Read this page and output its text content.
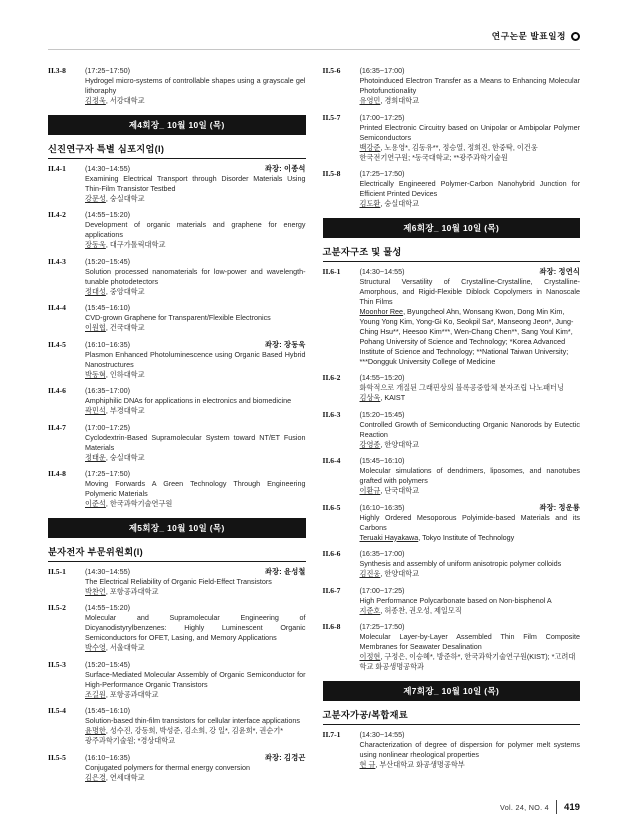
연구논문 발표일정
II.3-8	(17:25~17:50)
Hydrogel micro-systems of controllable shapes using a grayscale gel lithoraphy
김정욱, 서강대학교
제4회장_ 10월 10일 (목)
신진연구자 특별 심포지엄(I)
II.4-1	(14:30~14:55)	좌장: 이종석
Examining Electrical Transport through Disorder Materials Using Thin-Film Transistor Testbed
강문성, 숭실대학교
II.4-2	(14:55~15:20)
Development of organic materials and graphene for energy applications
장동욱, 대구가톨릭대학교
II.4-3	(15:20~15:45)
Solution processed nanomaterials for low-power and wavelength-tunable photodetectors
정대성, 중앙대학교
II.4-4	(15:45~16:10)
CVD-grown Graphene for Transparent/Flexible Electronics
이원협, 건국대학교
II.4-5	(16:10~16:35)	좌장: 장동욱
Plasmon Enhanced Photoluminescence using Organic Based Hybrid Nanostructures
박동혁, 인하대학교
II.4-6	(16:35~17:00)
Amphiphilic DNAs for applications in electronics and biomedicine
곽민석, 부경대학교
II.4-7	(17:00~17:25)
Cyclodextrin-Based Supramolecular System toward NT/ET Fusion Materials
정태운, 숭실대학교
II.4-8	(17:25~17:50)
Moving Forwards A Green Technology Through Engineering Polymeric Materials
이준석, 한국과학기술연구원
제5회장_ 10월 10일 (목)
분자전자 부문위원회(I)
II.5-1	(14:30~14:55)	좌장: 윤성철
The Electrical Reliability of Organic Field-Effect Transistors
박찬언, 포항공과대학교
II.5-2	(14:55~15:20)
Molecular and Supramolecular Engineering of Dicyanodistyrylbenzenes: Highly Luminescent Organic Semiconductors for OFET, Lasing, and Memory Applications
박수영, 서울대학교
II.5-3	(15:20~15:45)
Surface-Mediated Molecular Assembly of Organic Semiconductor for High-Performance Organic Transistors
조길원, 포항공과대학교
II.5-4	(15:45~16:10)
Solution-based thin-film transistors for cellular interface applications
윤명한, 성수진, 강동희, 박성준, 김소희, 강 일*, 김윤희*, 권순기*
광주과학기술원; *경상대학교
II.5-5	(16:10~16:35)	좌장: 김경곤
Conjugated polymers for thermal energy conversion
김은경, 연세대학교
II.5-6	(16:35~17:00)
Photoinduced Electron Transfer as a Means to Enhancing Molecular Photofunctionality
유영민, 경희대학교
II.5-7	(17:00~17:25)
Printed Electronic Circuitry based on Unipolar or Ambipolar Polymer Semiconductors
백강준, 노용영*, 김동유**, 정승열, 정희진, 한중탁, 이건웅
한국전기연구원; *동국대학교; **광주과학기술원
II.5-8	(17:25~17:50)
Electrically Engineered Polymer-Carbon Nanohybrid Junction for Efficient Printed Devices
김도환, 숭실대학교
제6회장_ 10월 10일 (목)
고분자구조 및 물성
II.6-1	(14:30~14:55)	좌장: 정연식
Structural Versatility of Crystalline-Crystalline, Crystalline-Amorphous, and Rigid-Flexible Diblock Copolymers in Nanoscale Thin Films
Moonhor Ree, Byungcheol Ahn, Wonsang Kwon, Dong Min Kim, Young Yong Kim, Yong-Gi Ko, Seokpil Sa*, Manseong Jeon*, Jung-Ching Hsu**, Heesoo Kim***, Wen-Chang Chen**, Sang Youl Kim*, Pohang University of Science and Technology; *Korea Advanced Institute of Science and Technology; **National Taiwan University; ***Dongguk University College of Medicine
II.6-2	(14:55~15:20)
화학적으로 개질된 그래핀상의 블록공중합체 분자조립 나노패터닝
김상욱, KAIST
II.6-3	(15:20~15:45)
Controlled Growth of Semiconducting Organic Nanorods by Eutectic Reaction
강영종, 한양대학교
II.6-4	(15:45~16:10)
Molecular simulations of dendrimers, liposomes, and nanotubes grafted with polymers
이환규, 단국대학교
II.6-5	(16:10~16:35)	좌장: 정운룡
Highly Ordered Mesoporous Polyimide-based Materials and its Carbons
Teruaki Hayakawa, Tokyo Institute of Technology
II.6-6	(16:35~17:00)
Synthesis and assembly of uniform anisotropic polymer colloids
김진웅, 한양대학교
II.6-7	(17:00~17:25)
High Performance Polycarbonate based on Non-bisphenol A
지준호, 허종찬, 권오성, 제일모직
II.6-8	(17:25~17:50)
Molecular Layer-by-Layer Assembled Thin Film Composite Membranes for Seawater Desalination
이정현, 구정은, 이승혜*, 방준하*, 한국과학기술연구원(KIST); *고려대학교 화공생명공학과
제7회장_ 10월 10일 (목)
고분자가공/복합재료
II.7-1	(14:30~14:55)
Characterization of degree of dispersion for polymer melt systems using nonlinear rheological properties
현 규, 부산대학교 화공생명공학부
Vol. 24, NO. 4 419
